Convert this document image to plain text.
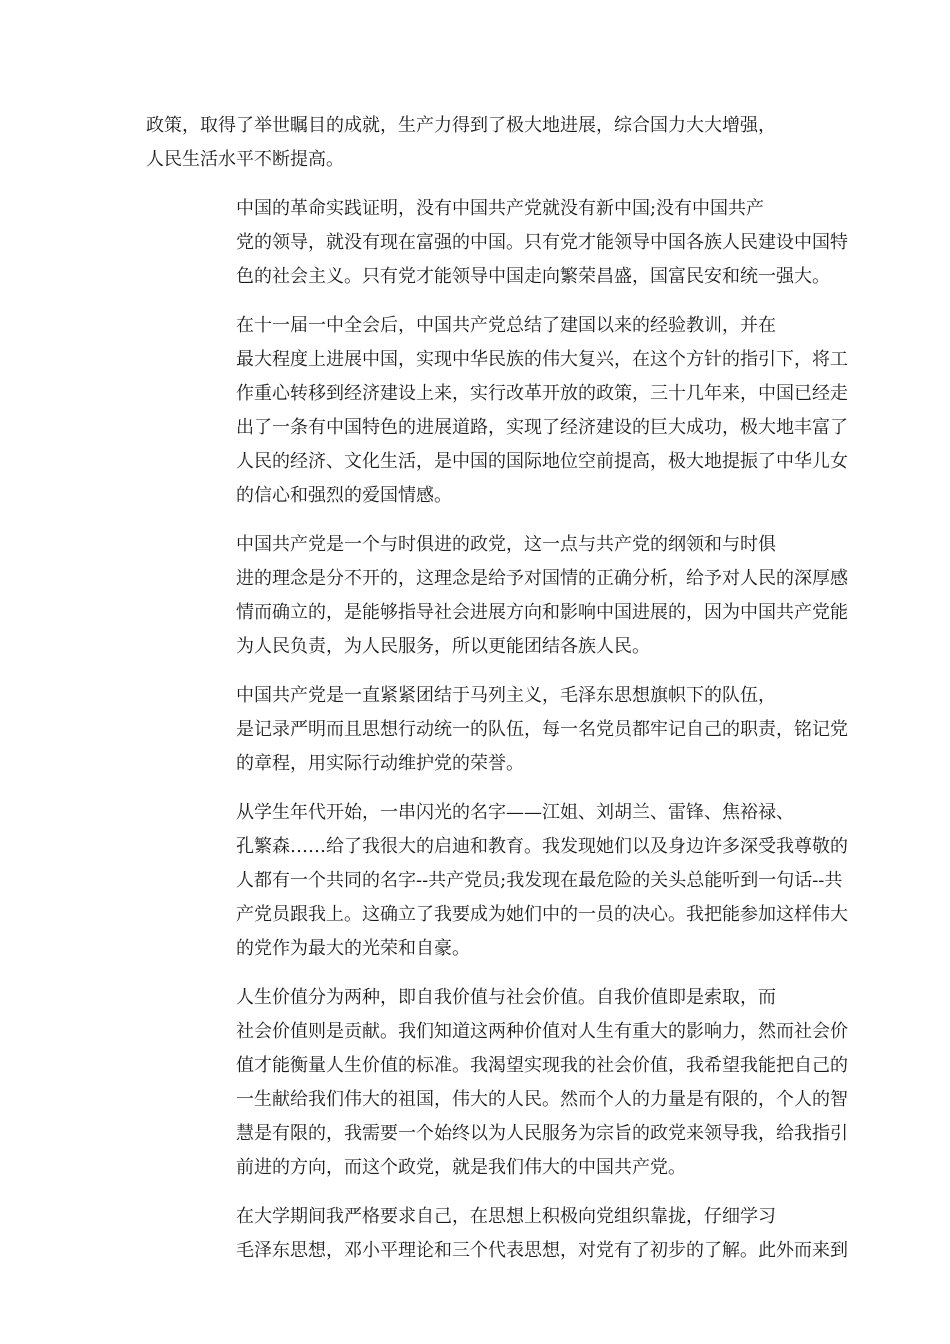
政策，取得了举世瞩目的成就，生产力得到了极大地进展，综合国力大大增强，
人民生活水平不断提高。

中国的革命实践证明，没有中国共产党就没有新中国;没有中国共产
党的领导，就没有现在富强的中国。只有党才能领导中国各族人民建设中国特
色的社会主义。只有党才能领导中国走向繁荣昌盛，国富民安和统一强大。

在十一届一中全会后，中国共产党总结了建国以来的经验教训，并在
最大程度上进展中国，实现中华民族的伟大复兴，在这个方针的指引下，将工
作重心转移到经济建设上来，实行改革开放的政策，三十几年来，中国已经走
出了一条有中国特色的进展道路，实现了经济建设的巨大成功，极大地丰富了
人民的经济、文化生活，是中国的国际地位空前提高，极大地提振了中华儿女
的信心和强烈的爱国情感。

中国共产党是一个与时俱进的政党，这一点与共产党的纲领和与时俱
进的理念是分不开的，这理念是给予对国情的正确分析，给予对人民的深厚感
情而确立的，是能够指导社会进展方向和影响中国进展的，因为中国共产党能
为人民负责，为人民服务，所以更能团结各族人民。

中国共产党是一直紧紧团结于马列主义，毛泽东思想旗帜下的队伍，
是记录严明而且思想行动统一的队伍，每一名党员都牢记自己的职责，铭记党
的章程，用实际行动维护党的荣誉。

从学生年代开始，一串闪光的名字——江姐、刘胡兰、雷锋、焦裕禄、
孔繁森……给了我很大的启迪和教育。我发现她们以及身边许多深受我尊敬的
人都有一个共同的名字--共产党员;我发现在最危险的关头总能听到一句话--共
产党员跟我上。这确立了我要成为她们中的一员的决心。我把能参加这样伟大
的党作为最大的光荣和自豪。

人生价值分为两种，即自我价值与社会价值。自我价值即是索取，而
社会价值则是贡献。我们知道这两种价值对人生有重大的影响力，然而社会价
值才能衡量人生价值的标准。我渴望实现我的社会价值，我希望我能把自己的
一生献给我们伟大的祖国，伟大的人民。然而个人的力量是有限的，个人的智
慧是有限的，我需要一个始终以为人民服务为宗旨的政党来领导我，给我指引
前进的方向，而这个政党，就是我们伟大的中国共产党。

在大学期间我严格要求自己，在思想上积极向党组织靠拢，仔细学习
毛泽东思想，邓小平理论和三个代表思想，对党有了初步的了解。此外而来到
